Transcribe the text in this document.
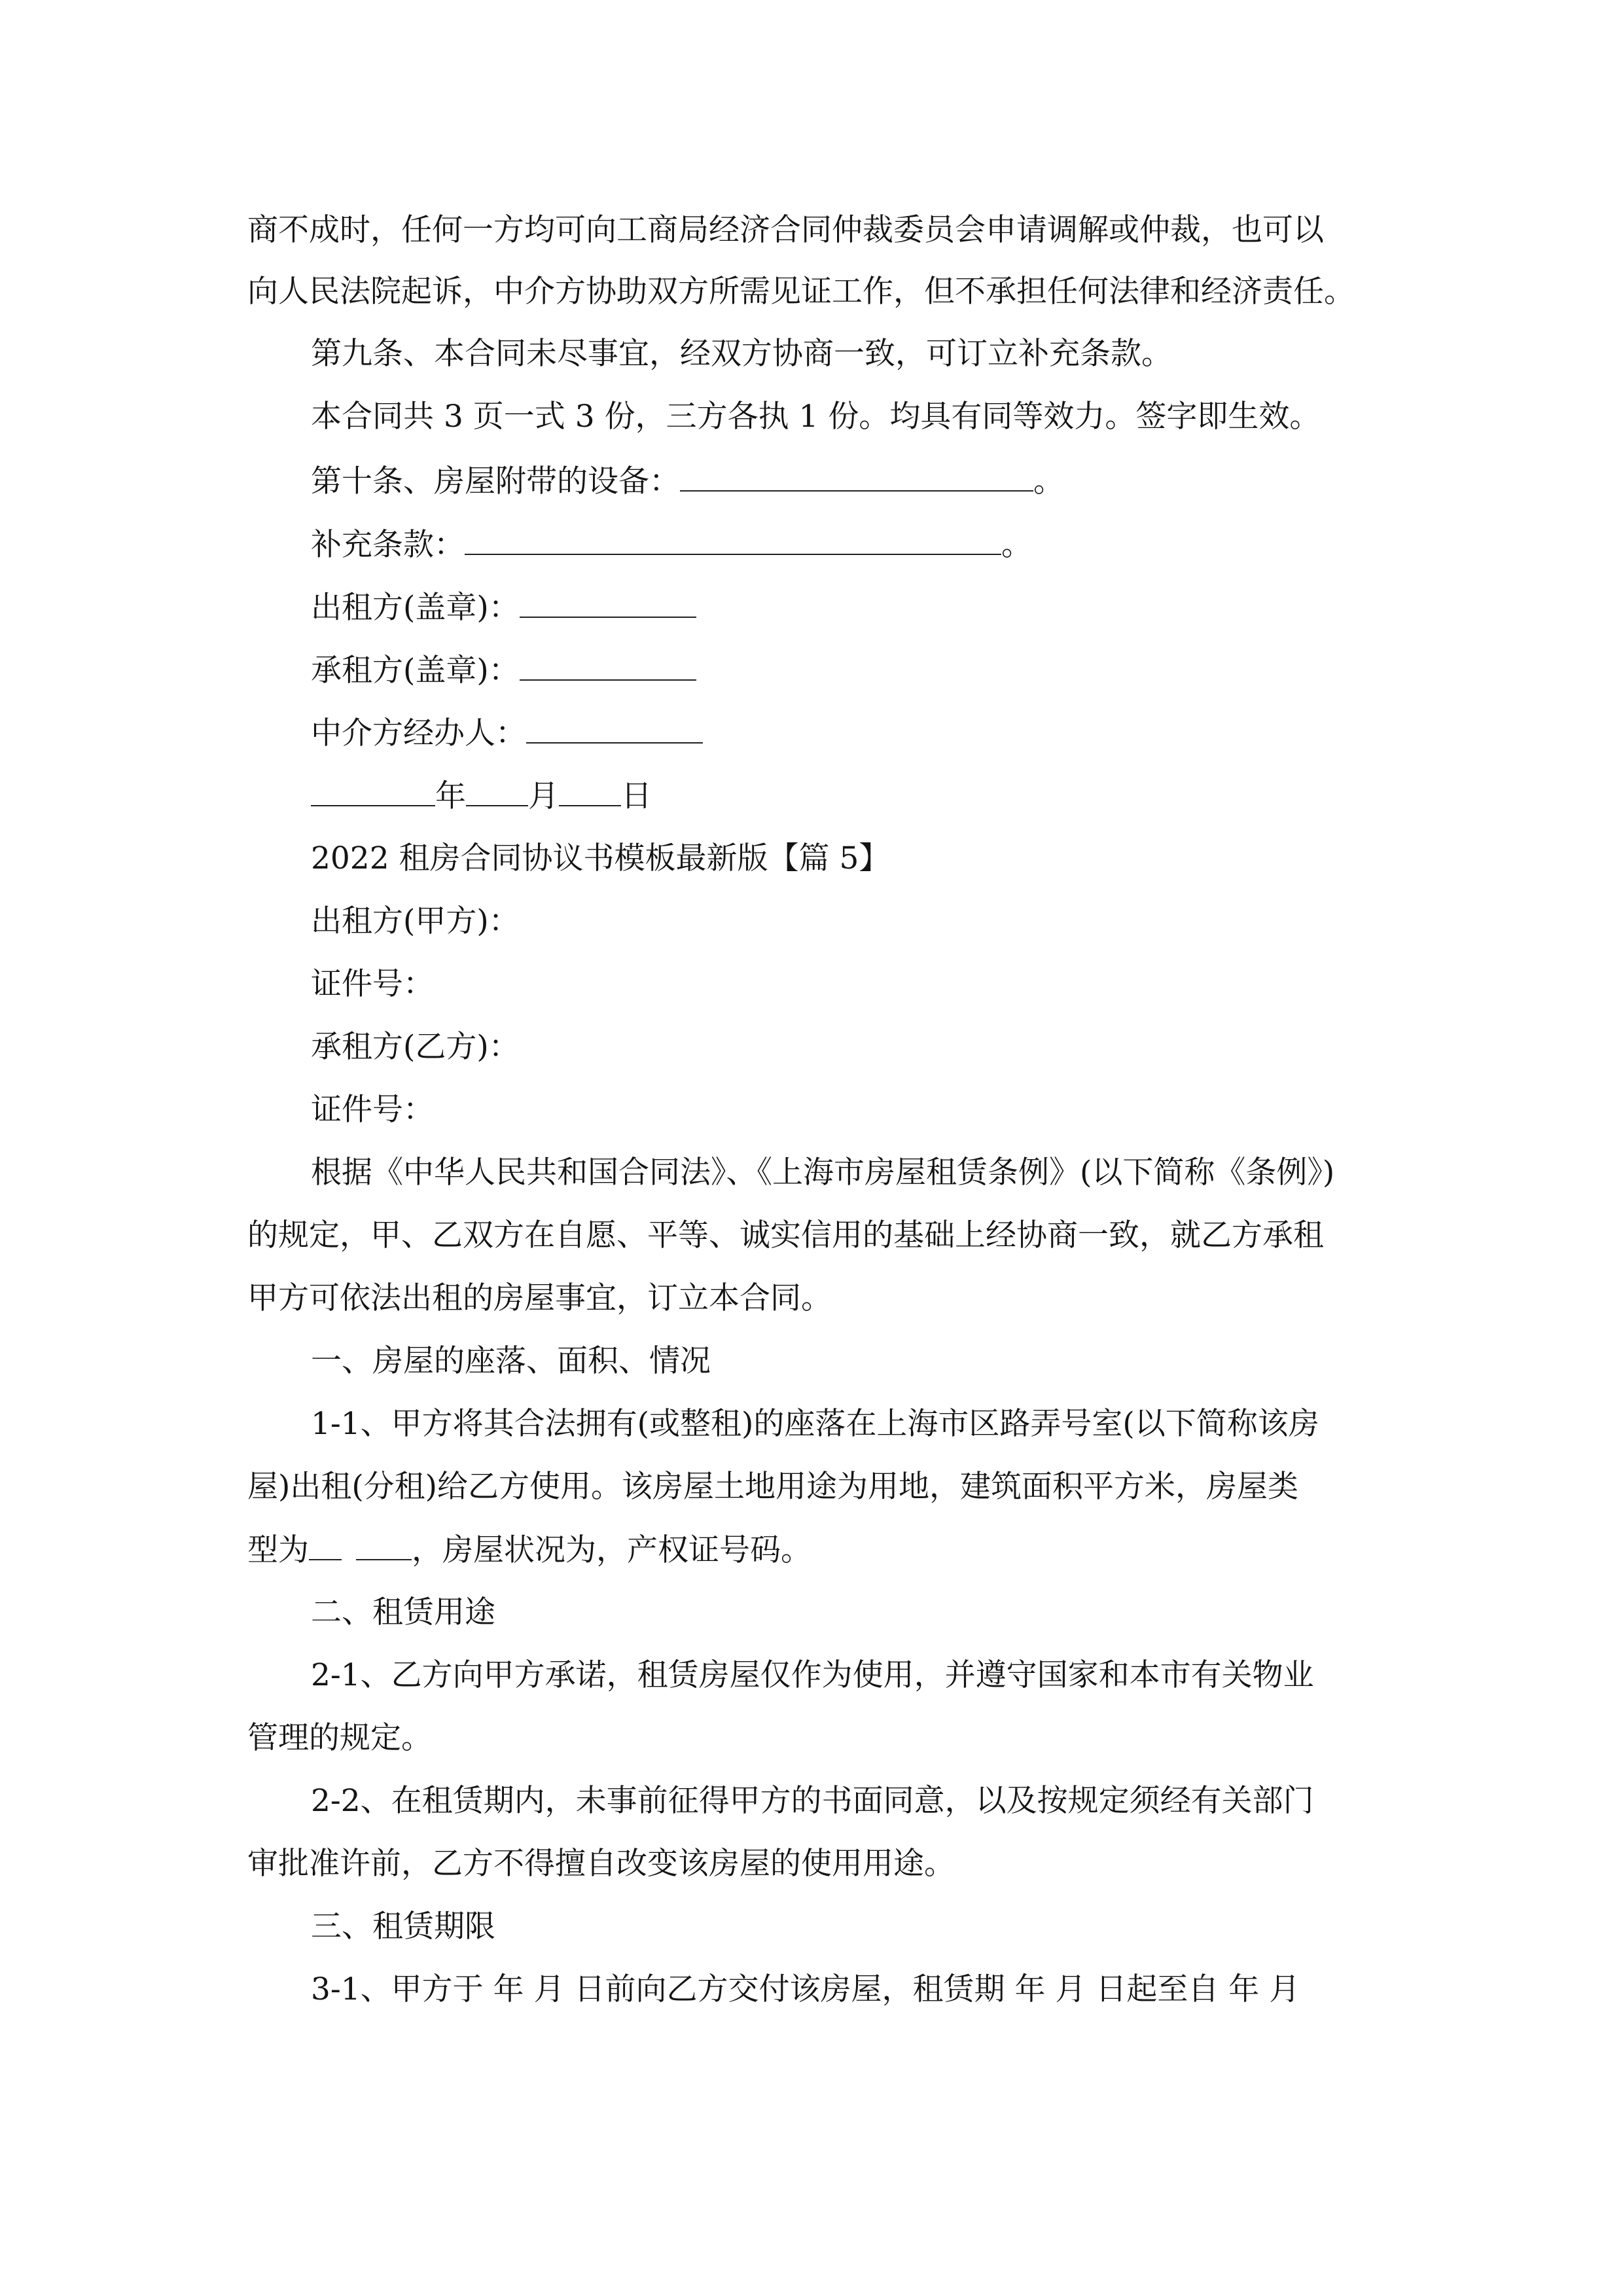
商不成时，任何一方均可向工商局经济合同仲裁委员会申请调解或仲裁，也可以
向人民法院起诉，中介方协助双方所需见证工作，但不承担任何法律和经济责任。
第九条、本合同未尽事宜，经双方协商一致，可订立补充条款。
本合同共 3 页一式 3 份，三方各执 1 份。均具有同等效力。签字即生效。
第十条、房屋附带的设备：	。
补充条款：	。
出租方(盖章)：
承租方(盖章)：
中介方经办人：
年 月 日
2022 租房合同协议书模板最新版【篇 5】
出租方(甲方)：
证件号：
承租方(乙方)：
证件号：
根据《中华人民共和国合同法》、《上海市房屋租赁条例》(以下简称《条例》)
的规定，甲、乙双方在自愿、平等、诚实信用的基础上经协商一致，就乙方承租
甲方可依法出租的房屋事宜，订立本合同。
一、房屋的座落、面积、情况
1-1、甲方将其合法拥有(或整租)的座落在上海市区路弄号室(以下简称该房
屋)出租(分租)给乙方使用。该房屋土地用途为用地，建筑面积平方米，房屋类
型为	，房屋状况为，产权证号码。
二、租赁用途
2-1、乙方向甲方承诺，租赁房屋仅作为使用，并遵守国家和本市有关物业
管理的规定。
2-2、在租赁期内，未事前征得甲方的书面同意，以及按规定须经有关部门
审批准许前，乙方不得擅自改变该房屋的使用用途。
三、租赁期限
3-1、甲方于 年 月 日前向乙方交付该房屋，租赁期 年 月 日起至自 年 月
